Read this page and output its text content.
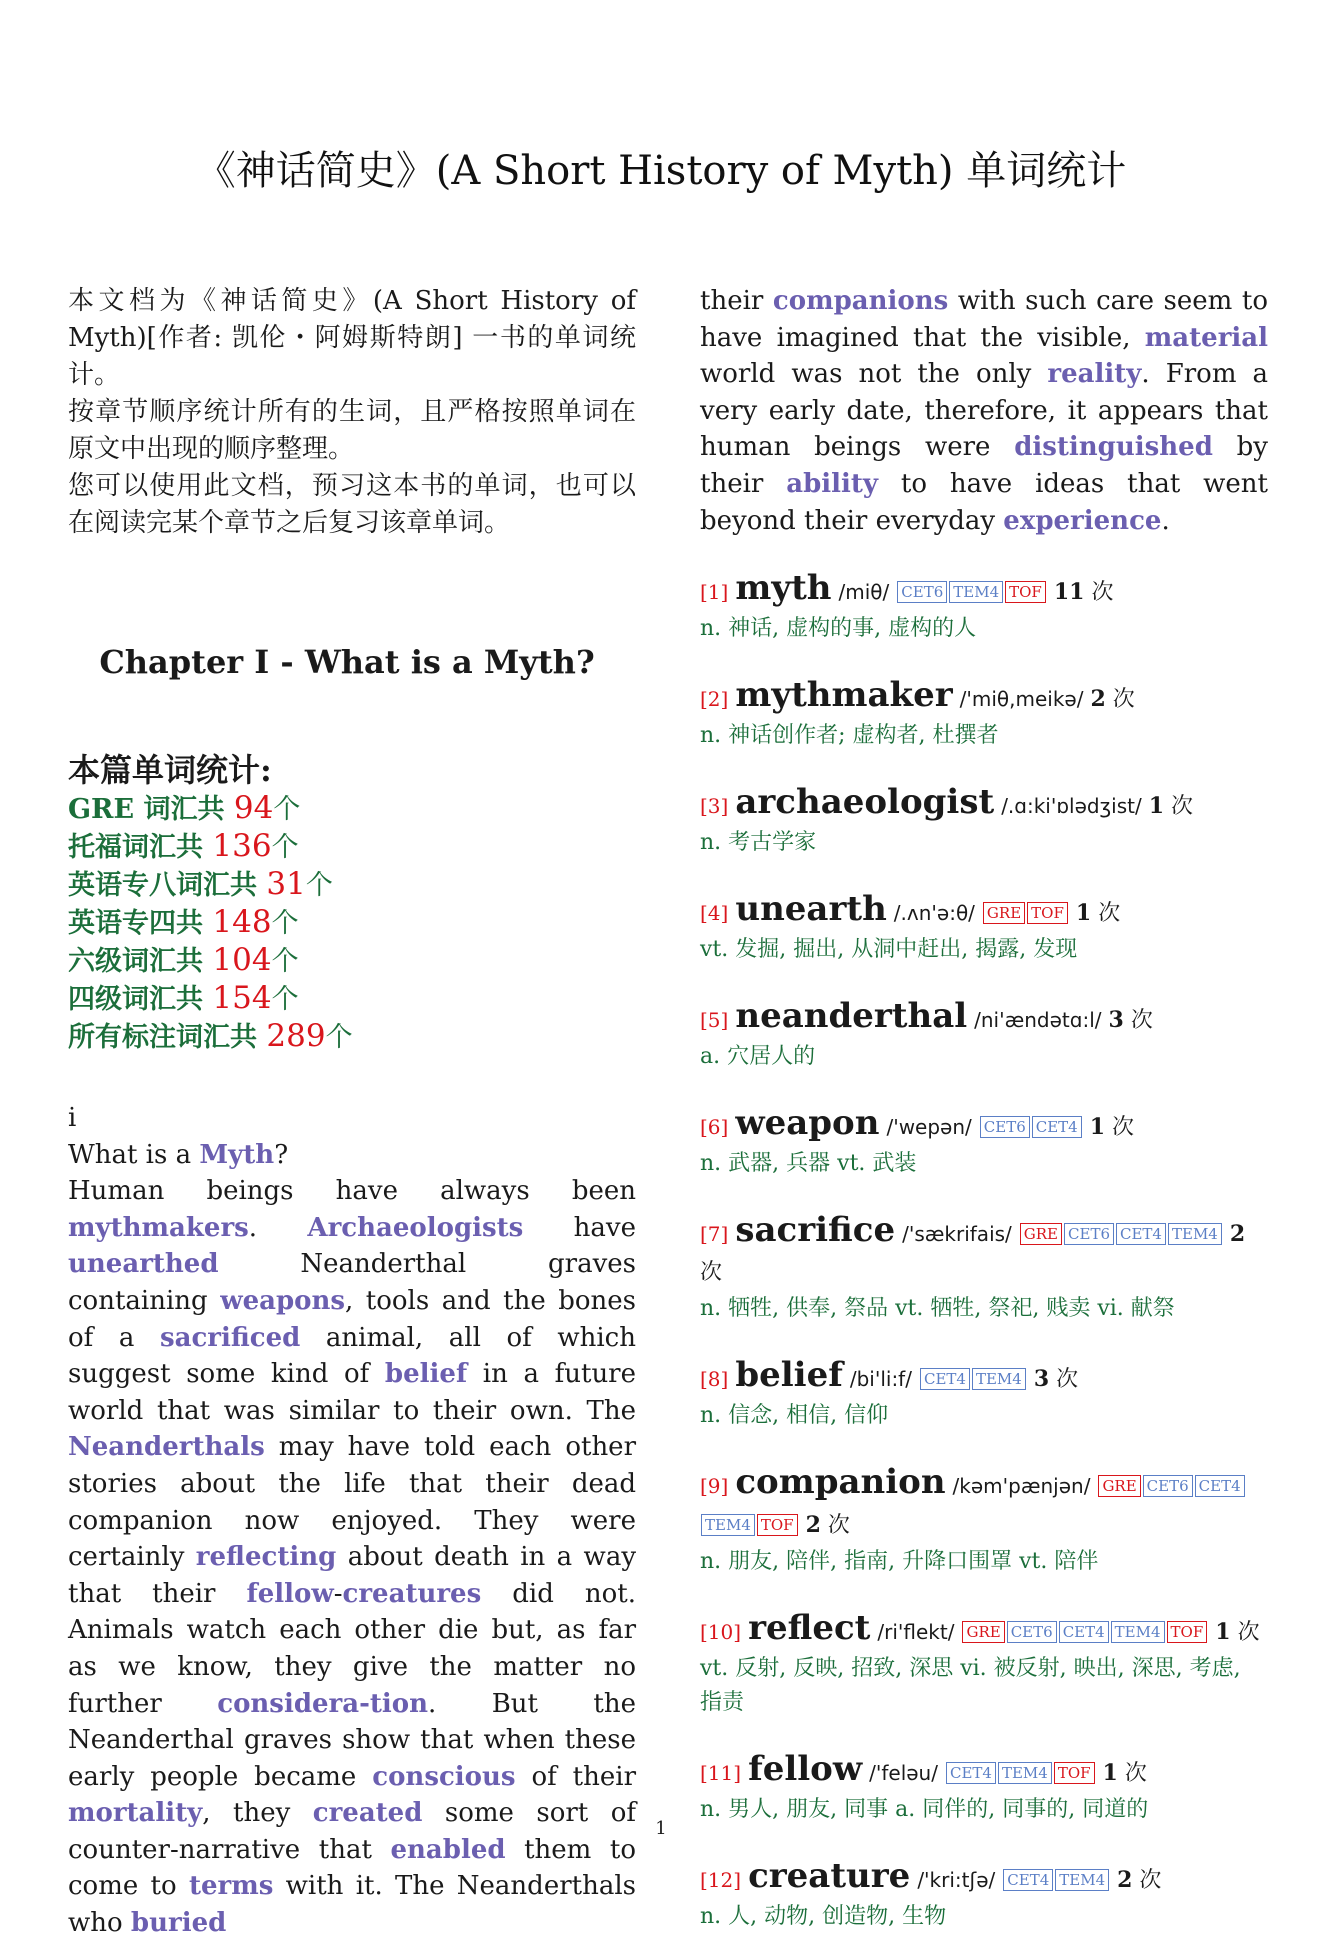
《神话简史》(A Short History of Myth) 单词统计

本文档为《神话简史》(A Short History of Myth)[作者: 凯伦・阿姆斯特朗] 一书的单词统计。

按章节顺序统计所有的生词，且严格按照单词在原文中出现的顺序整理。

您可以使用此文档，预习这本书的单词，也可以在阅读完某个章节之后复习该章单词。

Chapter I - What is a Myth?
本篇单词统计:
GRE 词汇共 94个
托福词汇共 136个
英语专八词汇共 31个
英语专四共 148个
六级词汇共 104个
四级词汇共 154个
所有标注词汇共 289个

i

What is a Myth?

Human beings have always been mythmakers. Archaeologists have unearthed Neanderthal graves containing weapons, tools and the bones of a sacrificed animal, all of which suggest some kind of belief in a future world that was similar to their own. The Neanderthals may have told each other stories about the life that their dead companion now enjoyed. They were certainly reflecting about death in a way that their fellow-creatures did not. Animals watch each other die but, as far as we know, they give the matter no further considera-tion. But the Neanderthal graves show that when these early people became conscious of their mortality, they created some sort of counter-narrative that enabled them to come to terms with it. The Neanderthals who buried

their companions with such care seem to have imagined that the visible, material world was not the only reality. From a very early date, therefore, it appears that human beings were distinguished by their ability to have ideas that went beyond their everyday experience.

[1] myth /miθ/ CET6 TEM4 TOF 11 次
n. 神话, 虚构的事, 虚构的人
[2] mythmaker /'miθ,meikə/ 2 次
n. 神话创作者; 虚构者, 杜撰者
[3] archaeologist /.ɑ:ki'ɒlədʒist/ 1 次
n. 考古学家
[4] unearth /.ʌn'ə:θ/ GRE TOF 1 次
vt. 发掘, 掘出, 从洞中赶出, 揭露, 发现
[5] neanderthal /ni'ændətɑ:l/ 3 次
a. 穴居人的
[6] weapon /'wepən/ CET6 CET4 1 次
n. 武器, 兵器 vt. 武装
[7] sacrifice /'sækrifais/ GRE CET6 CET4 TEM4 2 次
n. 牺牲, 供奉, 祭品 vt. 牺牲, 祭祀, 贱卖 vi. 献祭
[8] belief /bi'li:f/ CET4 TEM4 3 次
n. 信念, 相信, 信仰
[9] companion /kəm'pænjən/ GRE CET6 CET4TEM4 TOF 2 次
n. 朋友, 陪伴, 指南, 升降口围罩 vt. 陪伴
[10] reflect /ri'flekt/ GRE CET6 CET4 TEM4 TOF 1 次
vt. 反射, 反映, 招致, 深思 vi. 被反射, 映出, 深思, 考虑, 指责
[11] fellow /'feləu/ CET4 TEM4 TOF 1 次
n. 男人, 朋友, 同事 a. 同伴的, 同事的, 同道的
[12] creature /'kri:tʃə/ CET4 TEM4 2 次
n. 人, 动物, 创造物, 生物
1
